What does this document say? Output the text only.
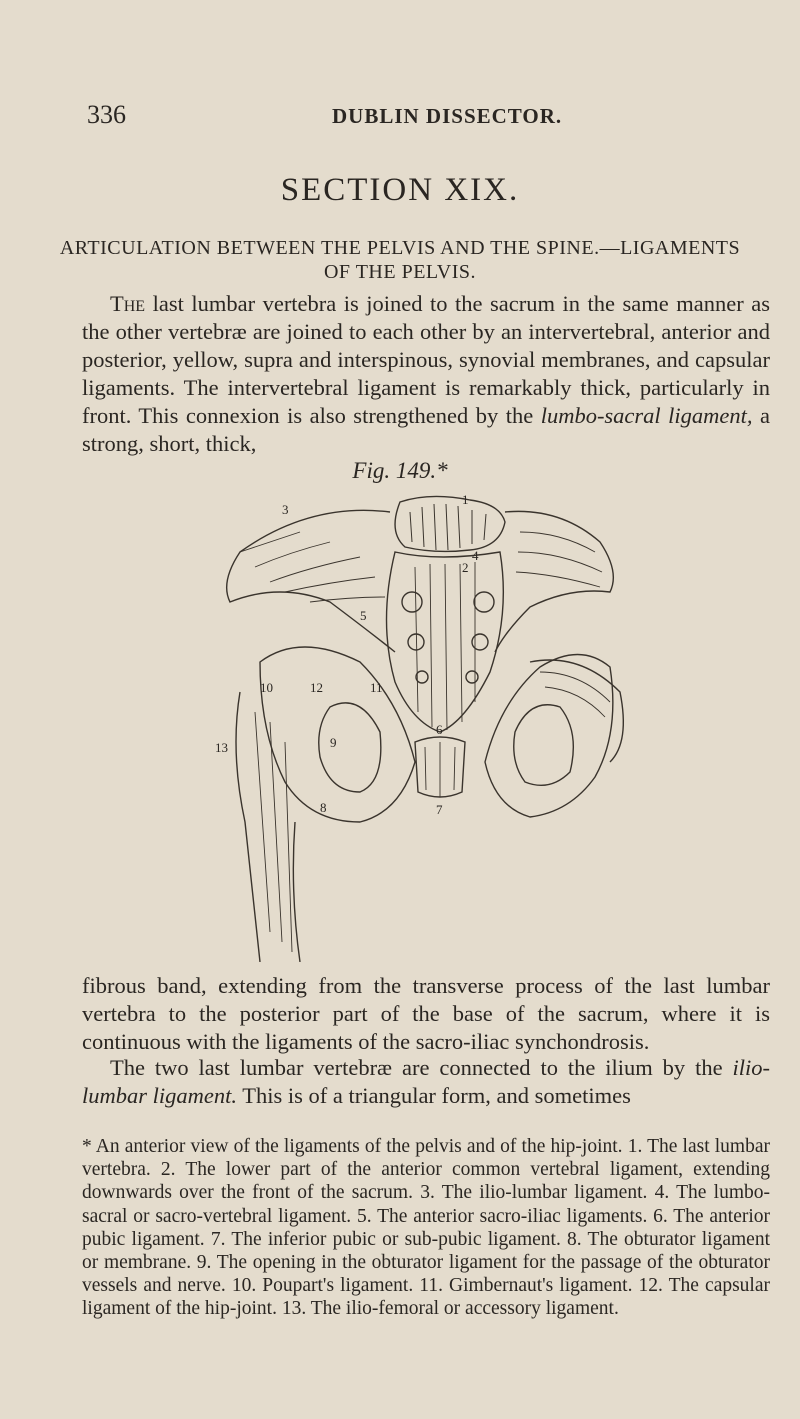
336	DUBLIN DISSECTOR.
SECTION XIX.
ARTICULATION BETWEEN THE PELVIS AND THE SPINE.—LIGAMENTS
OF THE PELVIS.

The last lumbar vertebra is joined to the sacrum in the same manner as the other vertebræ are joined to each other by an intervertebral, anterior and posterior, yellow, supra and interspinous, synovial membranes, and capsular ligaments. The intervertebral ligament is remarkably thick, particularly in front. This connexion is also strengthened by the lumbo-sacral ligament, a strong, short, thick,

Fig. 149.*
1
2
3
4
5
6
7
8
9
10	11
12
13

fibrous band, extending from the transverse process of the last lumbar vertebra to the posterior part of the base of the sacrum, where it is continuous with the ligaments of the sacro-iliac synchondrosis.

The two last lumbar vertebræ are connected to the ilium by the ilio-lumbar ligament. This is of a triangular form, and sometimes

* An anterior view of the ligaments of the pelvis and of the hip-joint. 1. The last lumbar vertebra. 2. The lower part of the anterior common vertebral ligament, extending downwards over the front of the sacrum. 3. The ilio-lumbar ligament. 4. The lumbo-sacral or sacro-vertebral ligament. 5. The anterior sacro-iliac ligaments. 6. The anterior pubic ligament. 7. The inferior pubic or sub-pubic ligament. 8. The obturator ligament or membrane. 9. The opening in the obturator ligament for the passage of the obturator vessels and nerve. 10. Poupart's ligament. 11. Gimbernaut's ligament. 12. The capsular ligament of the hip-joint. 13. The ilio-femoral or accessory ligament.
